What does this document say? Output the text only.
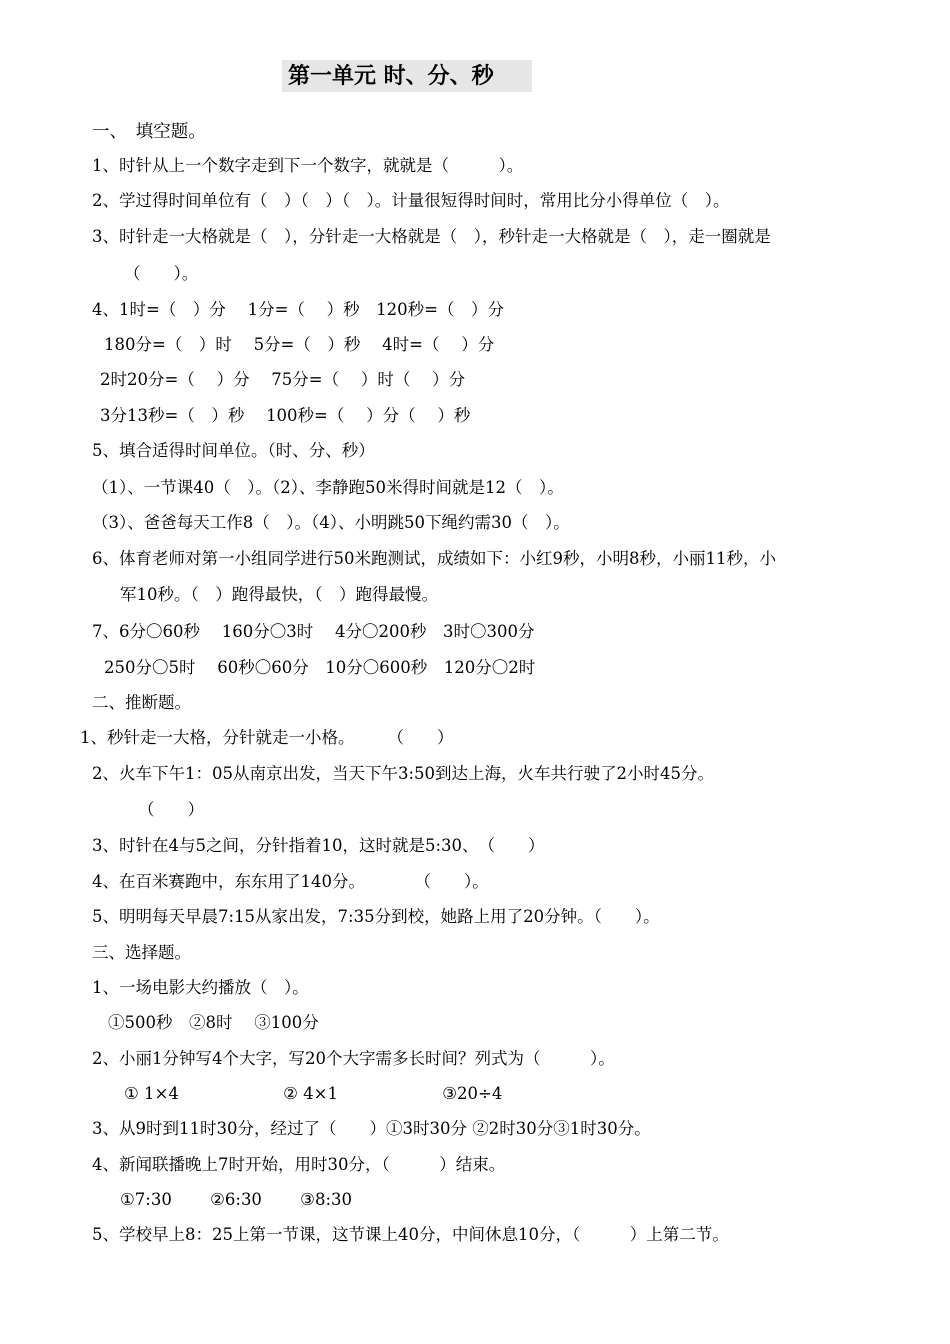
第一单元 时、分、秒
一、　填空题。
1、时针从上一个数字走到下一个数字，就就是（　　　）。
2、学过得时间单位有（　）（　）（　）。计量很短得时间时，常用比分小得单位（　）。
3、时针走一大格就是（　），分针走一大格就是（　），秒针走一大格就是（　），走一圈就是
（　　）。
4、1时=（　）分　 1分=（　 ）秒　120秒=（　）分
180分=（　）时　 5分=（　）秒　 4时=（　 ）分
2时20分=（　 ）分　 75分=（　 ）时（　 ）分
3分13秒=（　）秒　 100秒=（　 ）分（　 ）秒
5、填合适得时间单位。（时、分、秒）
（1）、一节课40（　）。（2）、李静跑50米得时间就是12（　）。
（3）、爸爸每天工作8（　）。（4）、小明跳50下绳约需30（　）。
6、体育老师对第一小组同学进行50米跑测试，成绩如下：小红9秒，小明8秒，小丽11秒，小
军10秒。（　）跑得最快，（　）跑得最慢。
7、6分〇60秒　 160分〇3时　 4分〇200秒　3时〇300分
250分〇5时　 60秒〇60分　10分〇600秒　120分〇2时
二、推断题。
1、秒针走一大格，分针就走一小格。　　　（　　）
2、火车下午1：05从南京出发，当天下午3:50到达上海，火车共行驶了2小时45分。
（　　）
3、时针在4与5之间，分针指着10，这时就是5:30、　（　　）
4、在百米赛跑中，东东用了140分。　　　　（　　）。
5、明明每天早晨7:15从家出发，7:35分到校，她路上用了20分钟。（　　）。
三、选择题。
1、一场电影大约播放（　）。
①500秒　②8时　 ③100分
2、小丽1分钟写4个大字，写20个大字需多长时间？列式为（　　　）。
① 1×4　　　　　　 ② 4×1　　　　　　 ③20÷4
3、从9时到11时30分，经过了（　　）①3时30分 ②2时30分③1时30分。
4、新闻联播晚上7时开始，用时30分，（　　　）结束。
①7:30　　 ②6:30　　 ③8:30
5、学校早上8：25上第一节课，这节课上40分，中间休息10分，（　　　）上第二节。
